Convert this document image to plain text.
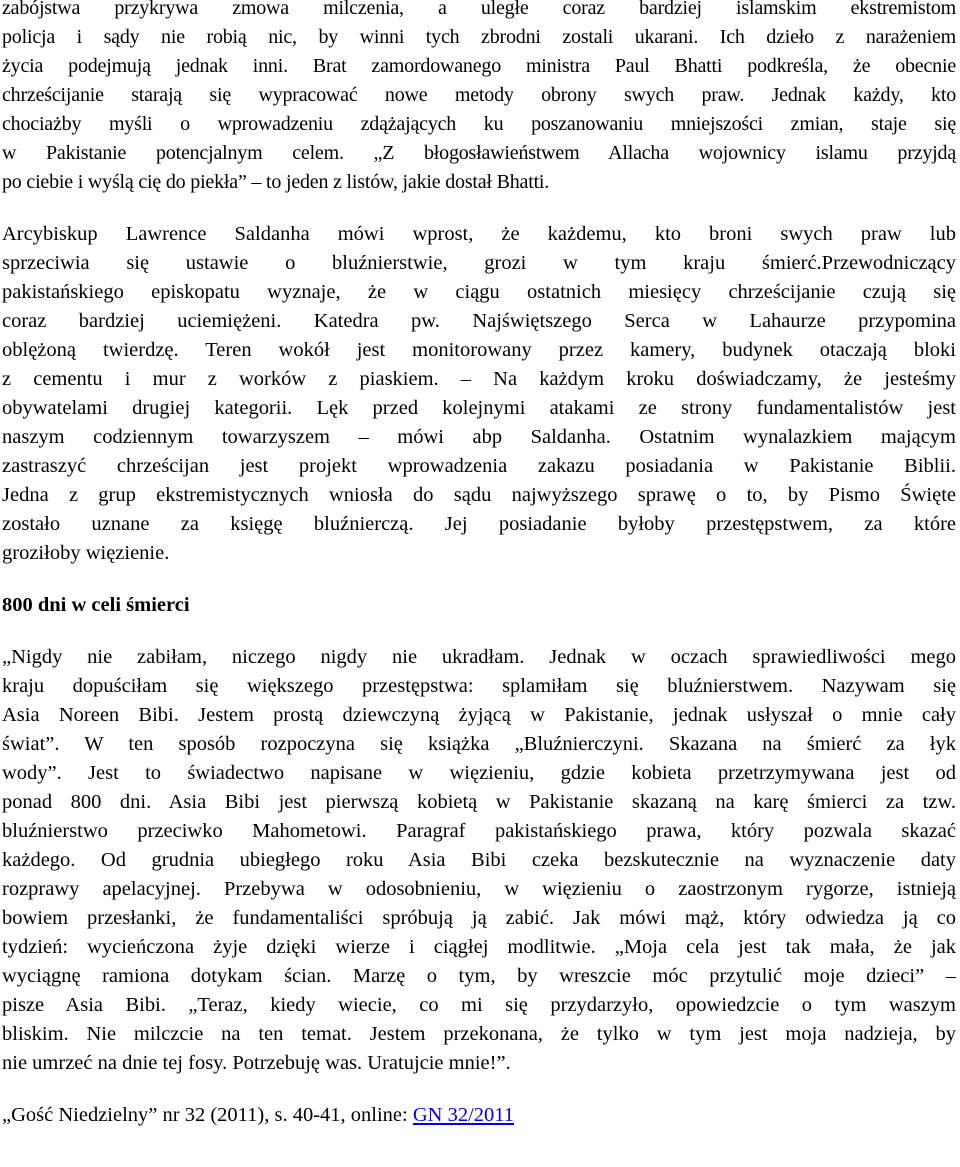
zabójstwa przykrywa zmowa milczenia, a uległe coraz bardziej islamskim ekstremistom
policja i sądy nie robią nic, by winni tych zbrodni zostali ukarani. Ich dzieło z narażeniem
życia podejmują jednak inni. Brat zamordowanego ministra Paul Bhatti podkreśla, że obecnie
chrześcijanie starają się wypracować nowe metody obrony swych praw. Jednak każdy, kto
chociażby myśli o wprowadzeniu zdążających ku poszanowaniu mniejszości zmian, staje się
w Pakistanie potencjalnym celem. „Z błogosławieństwem Allacha wojownicy islamu przyjdą
po ciebie i wyślą cię do piekła” – to jeden z listów, jakie dostał Bhatti.
Arcybiskup Lawrence Saldanha mówi wprost, że każdemu, kto broni swych praw lub
sprzeciwia się ustawie o bluźnierstwie, grozi w tym kraju śmierć.Przewodniczący
pakistańskiego episkopatu wyznaje, że w ciągu ostatnich miesięcy chrześcijanie czują się
coraz bardziej uciemiężeni. Katedra pw. Najświętszego Serca w Lahaurze przypomina
oblężoną twierdzę. Teren wokół jest monitorowany przez kamery, budynek otaczają bloki
z cementu i mur z worków z piaskiem. – Na każdym kroku doświadczamy, że jesteśmy
obywatelami drugiej kategorii. Lęk przed kolejnymi atakami ze strony fundamentalistów jest
naszym codziennym towarzyszem – mówi abp Saldanha. Ostatnim wynalazkiem mającym
zastraszyć chrześcijan jest projekt wprowadzenia zakazu posiadania w Pakistanie Biblii.
Jedna z grup ekstremistycznych wniosła do sądu najwyższego sprawę o to, by Pismo Święte
zostało uznane za księgę bluźnierczą. Jej posiadanie byłoby przestępstwem, za które
groziłoby więzienie.
800 dni w celi śmierci
„Nigdy nie zabiłam, niczego nigdy nie ukradłam. Jednak w oczach sprawiedliwości mego
kraju dopuściłam się większego przestępstwa: splamiłam się bluźnierstwem. Nazywam się
Asia Noreen Bibi. Jestem prostą dziewczyną żyjącą w Pakistanie, jednak usłyszał o mnie cały
świat”. W ten sposób rozpoczyna się książka „Bluźnierczyni. Skazana na śmierć za łyk
wody”. Jest to świadectwo napisane w więzieniu, gdzie kobieta przetrzymywana jest od
ponad 800 dni. Asia Bibi jest pierwszą kobietą w Pakistanie skazaną na karę śmierci za tzw.
bluźnierstwo przeciwko Mahometowi. Paragraf pakistańskiego prawa, który pozwala skazać
każdego. Od grudnia ubiegłego roku Asia Bibi czeka bezskutecznie na wyznaczenie daty
rozprawy apelacyjnej. Przebywa w odosobnieniu, w więzieniu o zaostrzonym rygorze, istnieją
bowiem przesłanki, że fundamentaliści spróbują ją zabić. Jak mówi mąż, który odwiedza ją co
tydzień: wycieńczona żyje dzięki wierze i ciągłej modlitwie. „Moja cela jest tak mała, że jak
wyciągnę ramiona dotykam ścian. Marzę o tym, by wreszcie móc przytulić moje dzieci” –
pisze Asia Bibi. „Teraz, kiedy wiecie, co mi się przydarzyło, opowiedzcie o tym waszym
bliskim. Nie milczcie na ten temat. Jestem przekonana, że tylko w tym jest moja nadzieja, by
nie umrzeć na dnie tej fosy. Potrzebuję was. Uratujcie mnie!”.
„Gość Niedzielny” nr 32 (2011), s. 40-41, online: GN 32/2011
